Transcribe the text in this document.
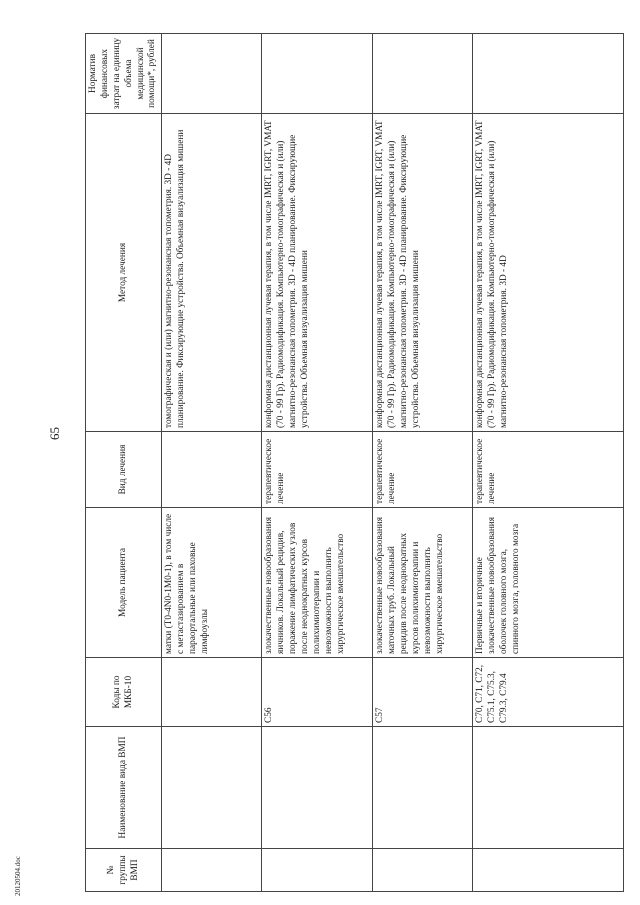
65
№
группы
ВМП	Наименование вида ВМП	Коды по МКБ-10	Модель пациента	Вид лечения	Метод лечения	Норматив финансовых затрат на единицу объема медицинской помощи*, рублей
			матки (T0-4N0-1M0-1), в том числе с метастазированием в параортальные или паховые лимфоузлы		томографическая и (или) магнитно-резонансная топометрия. 3D - 4D планирование. Фиксирующие устройства. Объемная визуализация мишени	
		C56	злокачественные новообразования яичников. Локальный рецидив, поражение лимфатических узлов после неоднократных курсов полихимиотерапии и невозможности выполнить хирургическое вмешательство	терапевтическое лечение	конформная дистанционная лучевая терапия, в том числе IMRT, IGRT, VMAT (70 - 99 Гр). Радиомодификация. Компьютерно-томографическая и (или) магнитно-резонансная топометрия. 3D - 4D планирование. Фиксирующие устройства. Объемная визуализация мишени	
		C57	злокачественные новообразования маточных труб. Локальный рецидив после неоднократных курсов полихимиотерапии и невозможности выполнить хирургическое вмешательство	терапевтическое лечение	конформная дистанционная лучевая терапия, в том числе IMRT, IGRT, VMAT (70 - 99 Гр). Радиомодификация. Компьютерно-томографическая и (или) магнитно-резонансная топометрия. 3D - 4D планирование. Фиксирующие устройства. Объемная визуализация мишени	
		C70, C71, C72, C75.1, C75.3, C79.3, C79.4	Первичные и вторичные злокачественные новообразования оболочек головного мозга, спинного мозга, головного мозга	терапевтическое лечение	конформная дистанционная лучевая терапия, в том числе IMRT, IGRT, VMAT (70 - 99 Гр). Радиомодификация. Компьютерно-томографическая и (или) магнитно-резонансная топометрия. 3D - 4D	
20120504.doc
